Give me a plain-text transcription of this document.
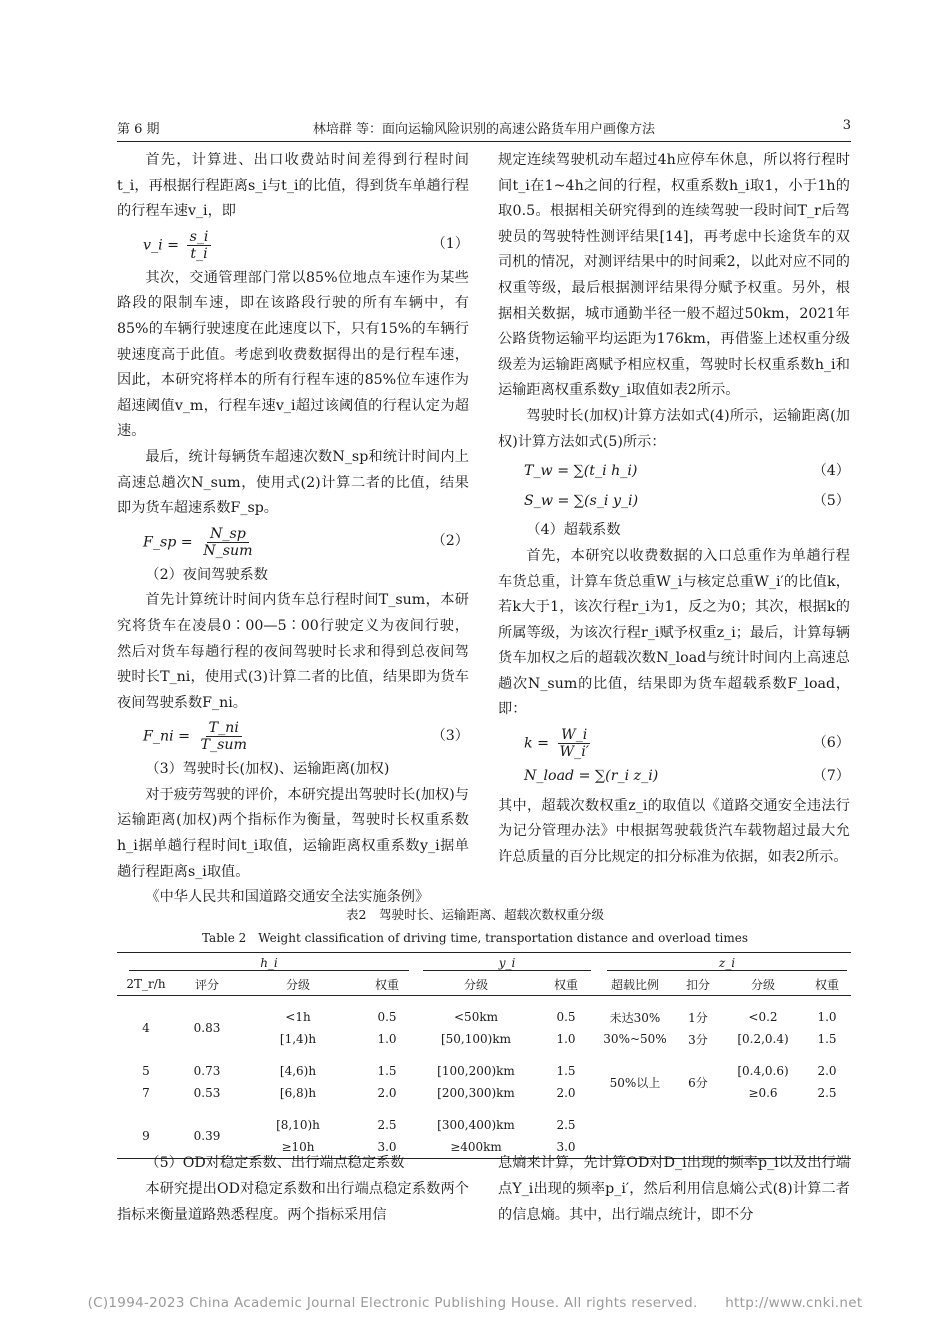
第 6 期	林培群 等：面向运输风险识别的高速公路货车用户画像方法	3

首先，计算进、出口收费站时间差得到行程时间t_i，再根据行程距离s_i与t_i的比值，得到货车单趟行程的行程车速v_i，即

v_i = $\frac{s\_i}{t\_i}$	（1）

其次，交通管理部门常以85%位地点车速作为某些路段的限制车速，即在该路段行驶的所有车辆中，有85%的车辆行驶速度在此速度以下，只有15%的车辆行驶速度高于此值。考虑到收费数据得出的是行程车速，因此，本研究将样本的所有行程车速的85%位车速作为超速阈值v_m，行程车速v_i超过该阈值的行程认定为超速。

最后，统计每辆货车超速次数N_sp和统计时间内上高速总趟次N_sum，使用式(2)计算二者的比值，结果即为货车超速系数F_sp。

F_sp = $\frac{N\_sp}{\text{N\_sum}}$	（2）

（2）夜间驾驶系数

首先计算统计时间内货车总行程时间T_sum，本研究将货车在凌晨0∶00—5∶00行驶定义为夜间行驶，然后对货车每趟行程的夜间驾驶时长求和得到总夜间驾驶时长T_ni，使用式(3)计算二者的比值，结果即为货车夜间驾驶系数F_ni。

F_ni = $\frac{T\_ni}{\text{T\_sum}}$	（3）

（3）驾驶时长(加权)、运输距离(加权)

对于疲劳驾驶的评价，本研究提出驾驶时长(加权)与运输距离(加权)两个指标作为衡量，驾驶时长权重系数h_i据单趟行程时间t_i取值，运输距离权重系数y_i据单趟行程距离s_i取值。

《中华人民共和国道路交通安全法实施条例》

规定连续驾驶机动车超过4h应停车休息，所以将行程时间t_i在1~4h之间的行程，权重系数h_i取1，小于1h的取0.5。根据相关研究得到的连续驾驶一段时间T_r后驾驶员的驾驶特性测评结果[14]，再考虑中长途货车的双司机的情况，对测评结果中的时间乘2，以此对应不同的权重等级，最后根据测评结果得分赋予权重。另外，根据相关数据，城市通勤半径一般不超过50km，2021年公路货物运输平均运距为176km，再借鉴上述权重分级级差为运输距离赋予相应权重，驾驶时长权重系数h_i和运输距离权重系数y_i取值如表2所示。

驾驶时长(加权)计算方法如式(4)所示，运输距离(加权)计算方法如式(5)所示：

T_w = ∑(t_i h_i)	（4）
S_w = ∑(s_i y_i)	（5）

（4）超载系数

首先，本研究以收费数据的入口总重作为单趟行程车货总重，计算车货总重W_i与核定总重W_i′的比值k，若k大于1，该次行程r_i为1，反之为0；其次，根据k的所属等级，为该次行程r_i赋予权重z_i；最后，计算每辆货车加权之后的超载次数N_load与统计时间内上高速总趟次N_sum的比值，结果即为货车超载系数F_load，即：

$k = \frac{W\_i}{W\_i'}$	（6）
N_load = ∑(r_i z_i)	（7）

其中，超载次数权重z_i的取值以《道路交通安全违法行为记分管理办法》中根据驾驶载货汽车载物超过最大允许总质量的百分比规定的扣分标准为依据，如表2所示。

表2　驾驶时长、运输距离、超载次数权重分级
Table 2　Weight classification of driving time, transportation distance and overload times
h_i				y_i		z_i			

2T_r/h	评分	分级	权重	分级	权重	超载比例	扣分	分级	权重

4	0.83	<1h	0.5	<50km	0.5	未达30%	1分	<0.2	1.0
		[1,4)h	1.0	[50,100)km	1.0	30%~50%	3分	[0.2,0.4)	1.5

5	0.73	[4,6)h	1.5	[100,200)km	1.5	50%以上	6分	[0.4,0.6)	2.0
7	0.53	[6,8)h	2.0	[200,300)km	2.0			≥0.6	2.5

9	0.39	[8,10)h	2.5	[300,400)km	2.5				
		≥10h	3.0	≥400km	3.0				

（5）OD对稳定系数、出行端点稳定系数

本研究提出OD对稳定系数和出行端点稳定系数两个指标来衡量道路熟悉程度。两个指标采用信

息熵来计算，先计算OD对D_i出现的频率p_i以及出行端点Y_i出现的频率p_i′，然后利用信息熵公式(8)计算二者的信息熵。其中，出行端点统计，即不分

(C)1994-2023 China Academic Journal Electronic Publishing House. All rights reserved.　　http://www.cnki.net
